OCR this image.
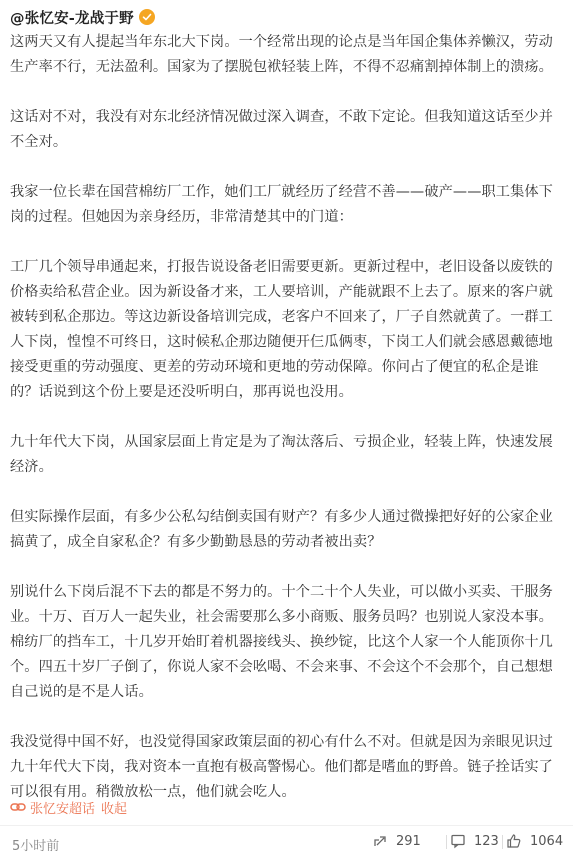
@张忆安-龙战于野

这两天又有人提起当年东北大下岗。一个经常出现的论点是当年国企集体养懒汉，劳动生产率不行，无法盈利。国家为了摆脱包袱轻装上阵，不得不忍痛割掉体制上的溃疡。

这话对不对，我没有对东北经济情况做过深入调查，不敢下定论。但我知道这话至少并不全对。

我家一位长辈在国营棉纺厂工作，她们工厂就经历了经营不善——破产——职工集体下岗的过程。但她因为亲身经历，非常清楚其中的门道：

工厂几个领导串通起来，打报告说设备老旧需要更新。更新过程中，老旧设备以废铁的价格卖给私营企业。因为新设备才来，工人要培训，产能就跟不上去了。原来的客户就被转到私企那边。等这边新设备培训完成，老客户不回来了，厂子自然就黄了。一群工人下岗，惶惶不可终日，这时候私企那边随便开仨瓜俩枣，下岗工人们就会感恩戴德地接受更重的劳动强度、更差的劳动环境和更地的劳动保障。你问占了便宜的私企是谁的？话说到这个份上要是还没听明白，那再说也没用。

九十年代大下岗，从国家层面上肯定是为了淘汰落后、亏损企业，轻装上阵，快速发展经济。

但实际操作层面，有多少公私勾结倒卖国有财产？有多少人通过微操把好好的公家企业搞黄了，成全自家私企？有多少勤勤恳恳的劳动者被出卖？

别说什么下岗后混不下去的都是不努力的。十个二十个人失业，可以做小买卖、干服务业。十万、百万人一起失业，社会需要那么多小商贩、服务员吗？也别说人家没本事。棉纺厂的挡车工，十几岁开始盯着机器接线头、换纱锭，比这个人家一个人能顶你十几个。四五十岁厂子倒了，你说人家不会吆喝、不会来事、不会这个不会那个，自己想想自己说的是不是人话。

我没觉得中国不好，也没觉得国家政策层面的初心有什么不对。但就是因为亲眼见识过九十年代大下岗，我对资本一直抱有极高警惕心。他们都是嗜血的野兽。链子拴话实了可以很有用。稍微放松一点，他们就会吃人。

张忆安超话 收起
5小时前	291	123 1064
